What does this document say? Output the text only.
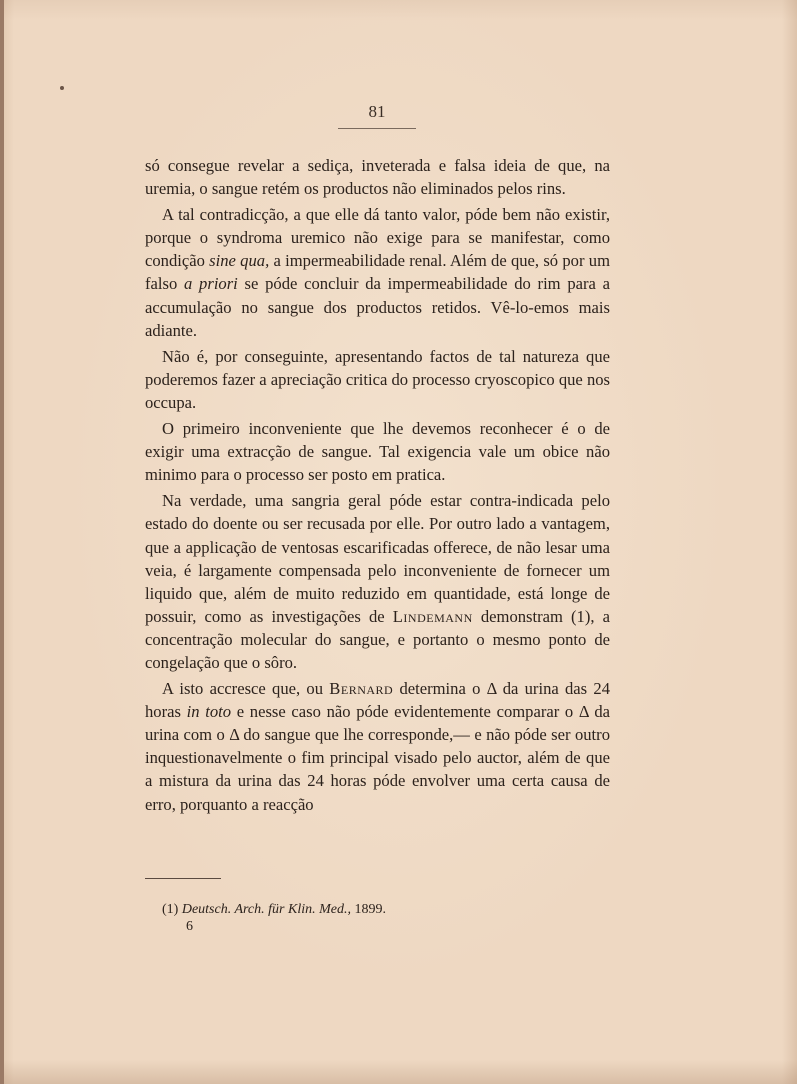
81

só consegue revelar a sediça, inveterada e falsa ideia de que, na uremia, o sangue retém os productos não eliminados pelos rins.

A tal contradicção, a que elle dá tanto valor, póde bem não existir, porque o syndroma uremico não exige para se manifestar, como condição sine qua, a impermeabilidade renal. Além de que, só por um falso a priori se póde concluir da impermeabilidade do rim para a accumulação no sangue dos productos retidos. Vê-lo-emos mais adiante.

Não é, por conseguinte, apresentando factos de tal natureza que poderemos fazer a apreciação critica do processo cryoscopico que nos occupa.

O primeiro inconveniente que lhe devemos reconhecer é o de exigir uma extracção de sangue. Tal exigencia vale um obice não minimo para o processo ser posto em pratica.

Na verdade, uma sangria geral póde estar contra-indicada pelo estado do doente ou ser recusada por elle. Por outro lado a vantagem, que a applicação de ventosas escarificadas offerece, de não lesar uma veia, é largamente compensada pelo inconveniente de fornecer um liquido que, além de muito reduzido em quantidade, está longe de possuir, como as investigações de Lindemann demonstram (1), a concentração molecular do sangue, e portanto o mesmo ponto de congelação que o sôro.

A isto accresce que, ou Bernard determina o Δ da urina das 24 horas in toto e nesse caso não póde evidentemente comparar o Δ da urina com o Δ do sangue que lhe corresponde,— e não póde ser outro inquestionavelmente o fim principal visado pelo auctor, além de que a mistura da urina das 24 horas póde envolver uma certa causa de erro, porquanto a reacção

(1) Deutsch. Arch. für Klin. Med., 1899.
6
